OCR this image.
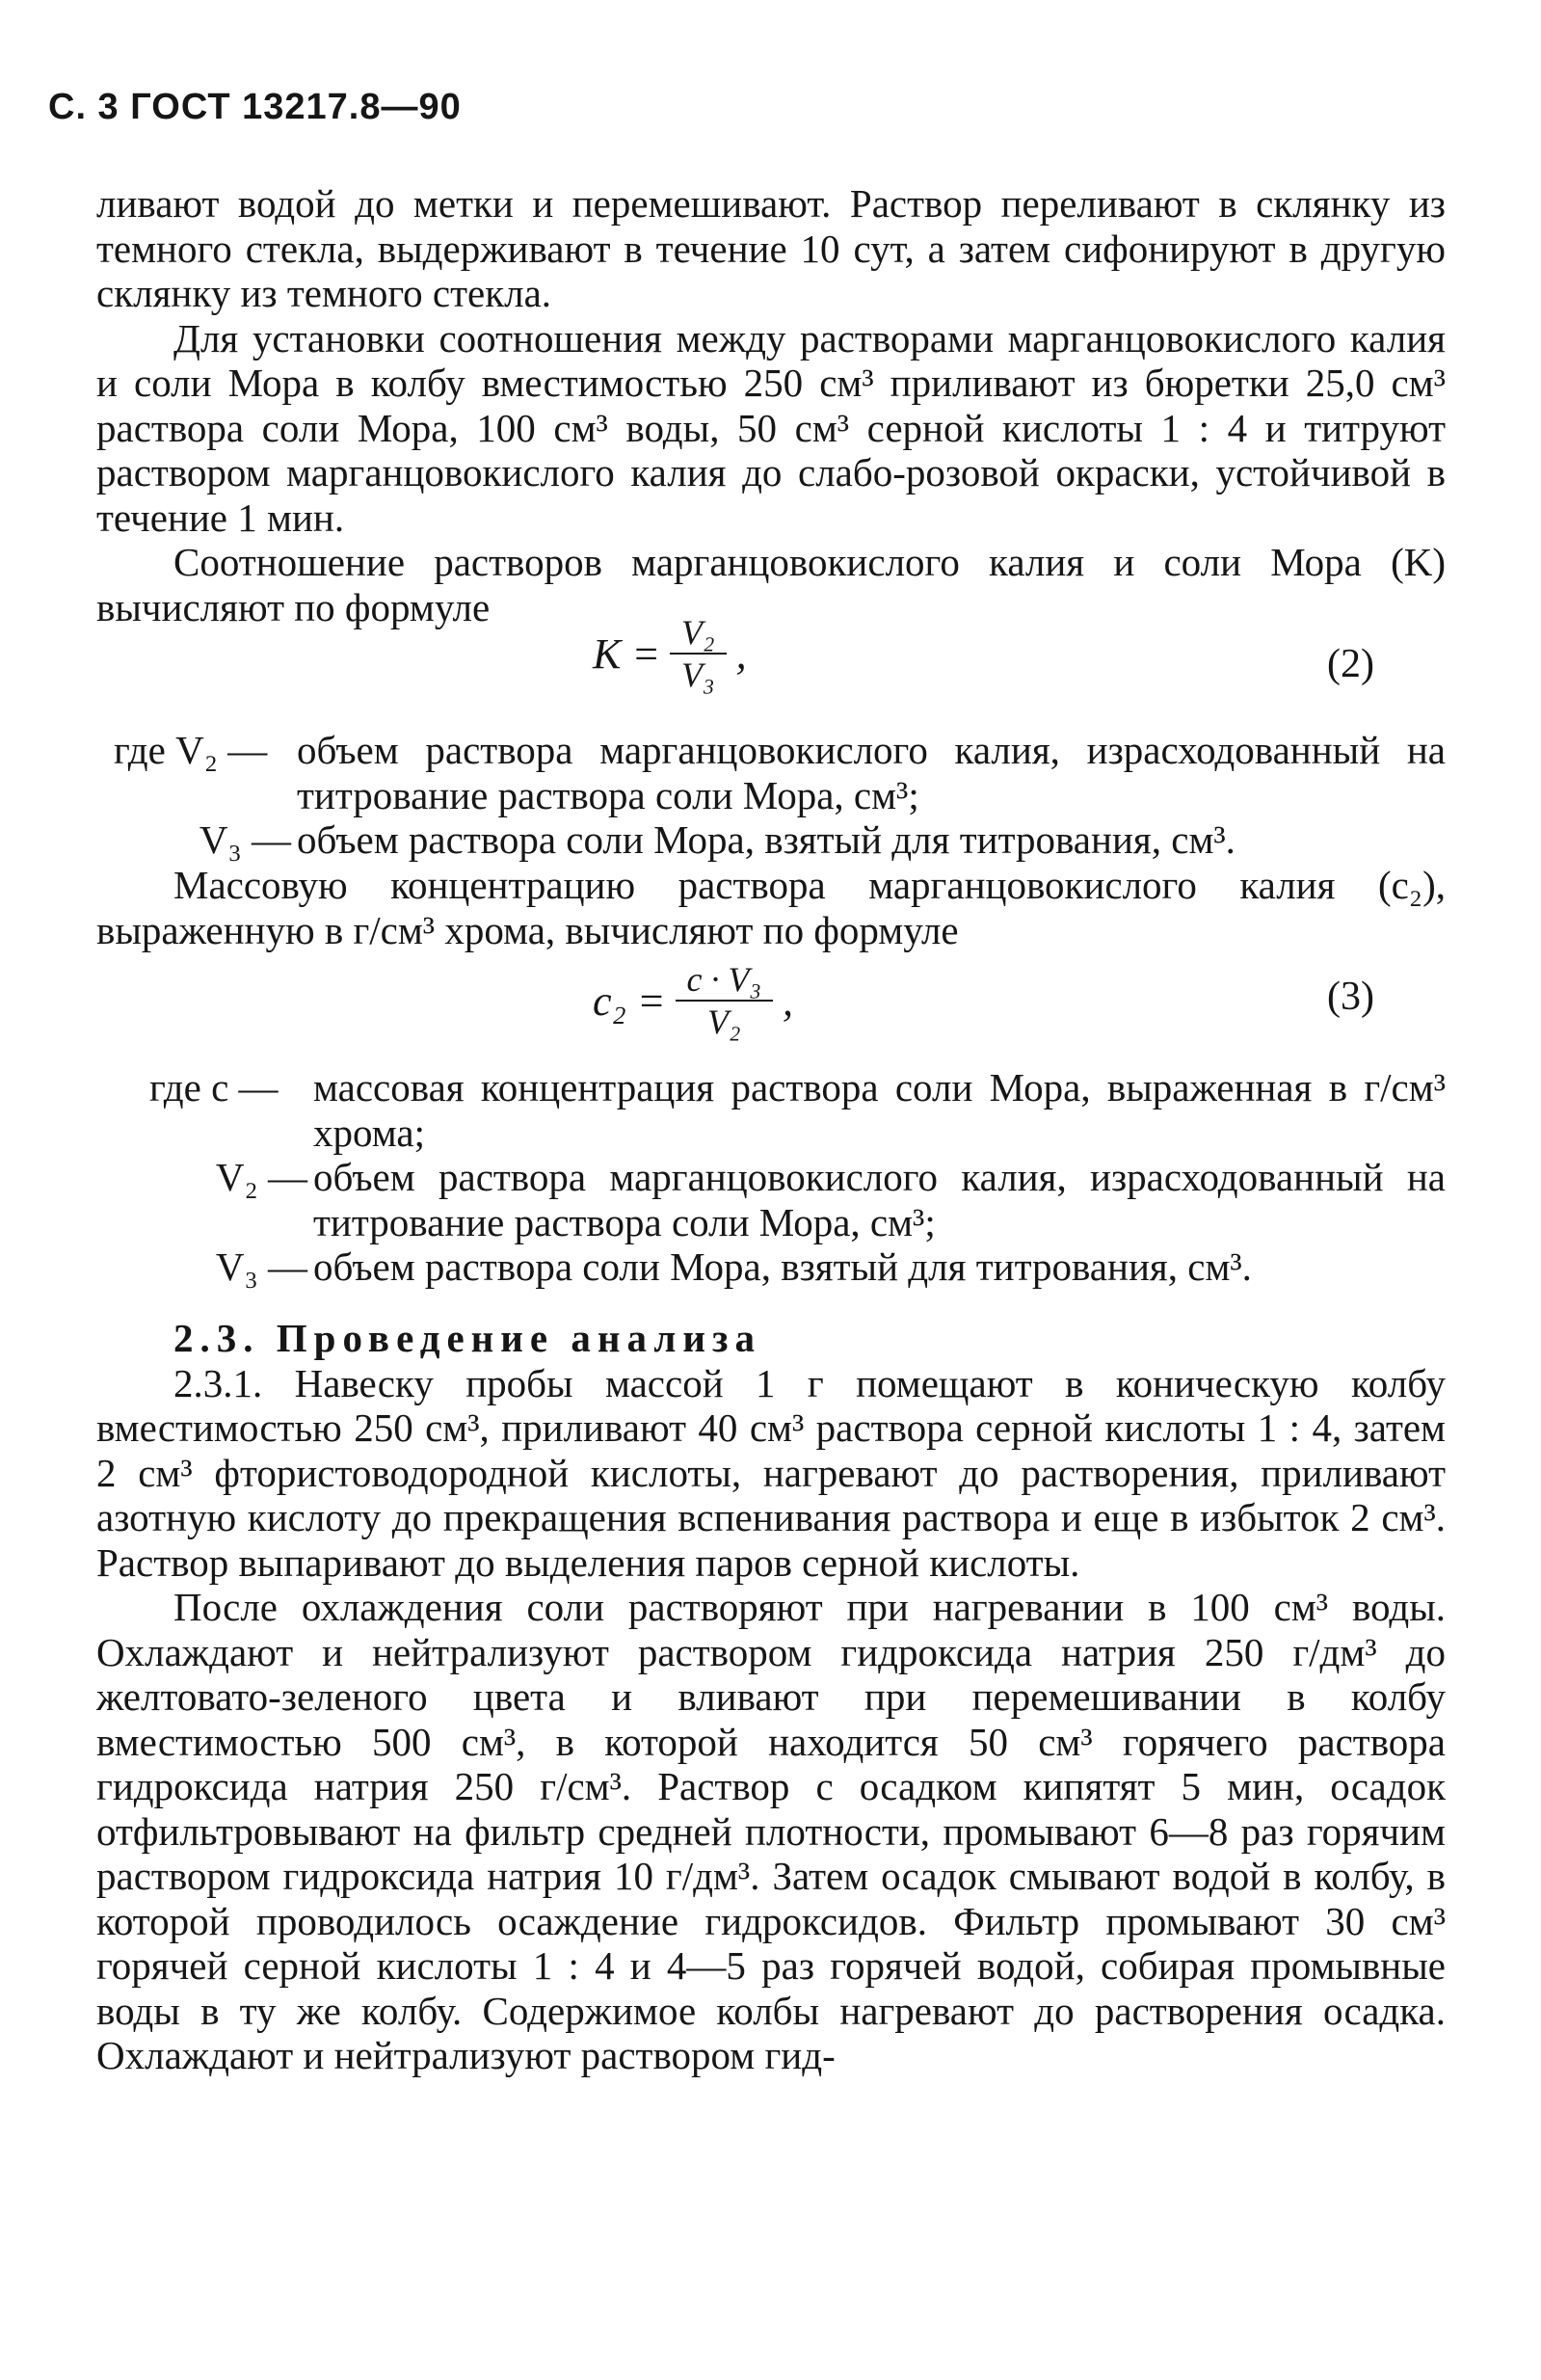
С. 3 ГОСТ 13217.8—90

ливают водой до метки и перемешивают. Раствор переливают в склянку из темного стекла, выдерживают в течение 10 сут, а затем сифонируют в другую склянку из темного стекла.

Для установки соотношения между растворами марганцовокислого калия и соли Мора в колбу вместимостью 250 см³ приливают из бюретки 25,0 см³ раствора соли Мора, 100 см³ воды, 50 см³ серной кислоты 1 : 4 и титруют раствором марганцовокислого калия до слабо-розовой окраски, устойчивой в течение 1 мин.

Соотношение растворов марганцовокислого калия и соли Мора (K) вычисляют по формуле

$K = \frac{\text{V₂}}{\text{V₃}}$ ,	(2)
где V₂ — объем раствора марганцовокислого калия, израсходованный на титрование раствора соли Мора, см³;
V₃ — объем раствора соли Мора, взятый для титрования, см³.

Массовую концентрацию раствора марганцовокислого калия (c₂), выраженную в г/см³ хрома, вычисляют по формуле

$c_2 = \frac{\text{c · V₃}}{\text{V₂}}$ ,	(3)
где c — массовая концентрация раствора соли Мора, выраженная в г/см³ хрома;
V₂ — объем раствора марганцовокислого калия, израсходованный на титрование раствора соли Мора, см³;
V₃ — объем раствора соли Мора, взятый для титрования, см³.

2.3. Проведение анализа

2.3.1. Навеску пробы массой 1 г помещают в коническую колбу вместимостью 250 см³, приливают 40 см³ раствора серной кислоты 1 : 4, затем 2 см³ фтористоводородной кислоты, нагревают до растворения, приливают азотную кислоту до прекращения вспенивания раствора и еще в избыток 2 см³. Раствор выпаривают до выделения паров серной кислоты.

После охлаждения соли растворяют при нагревании в 100 см³ воды. Охлаждают и нейтрализуют раствором гидроксида натрия 250 г/дм³ до желтовато-зеленого цвета и вливают при перемешивании в колбу вместимостью 500 см³, в которой находится 50 см³ горячего раствора гидроксида натрия 250 г/см³. Раствор с осадком кипятят 5 мин, осадок отфильтровывают на фильтр средней плотности, промывают 6—8 раз горячим раствором гидроксида натрия 10 г/дм³. Затем осадок смывают водой в колбу, в которой проводилось осаждение гидроксидов. Фильтр промывают 30 см³ горячей серной кислоты 1 : 4 и 4—5 раз горячей водой, собирая промывные воды в ту же колбу. Содержимое колбы нагревают до растворения осадка. Охлаждают и нейтрализуют раствором гид-
